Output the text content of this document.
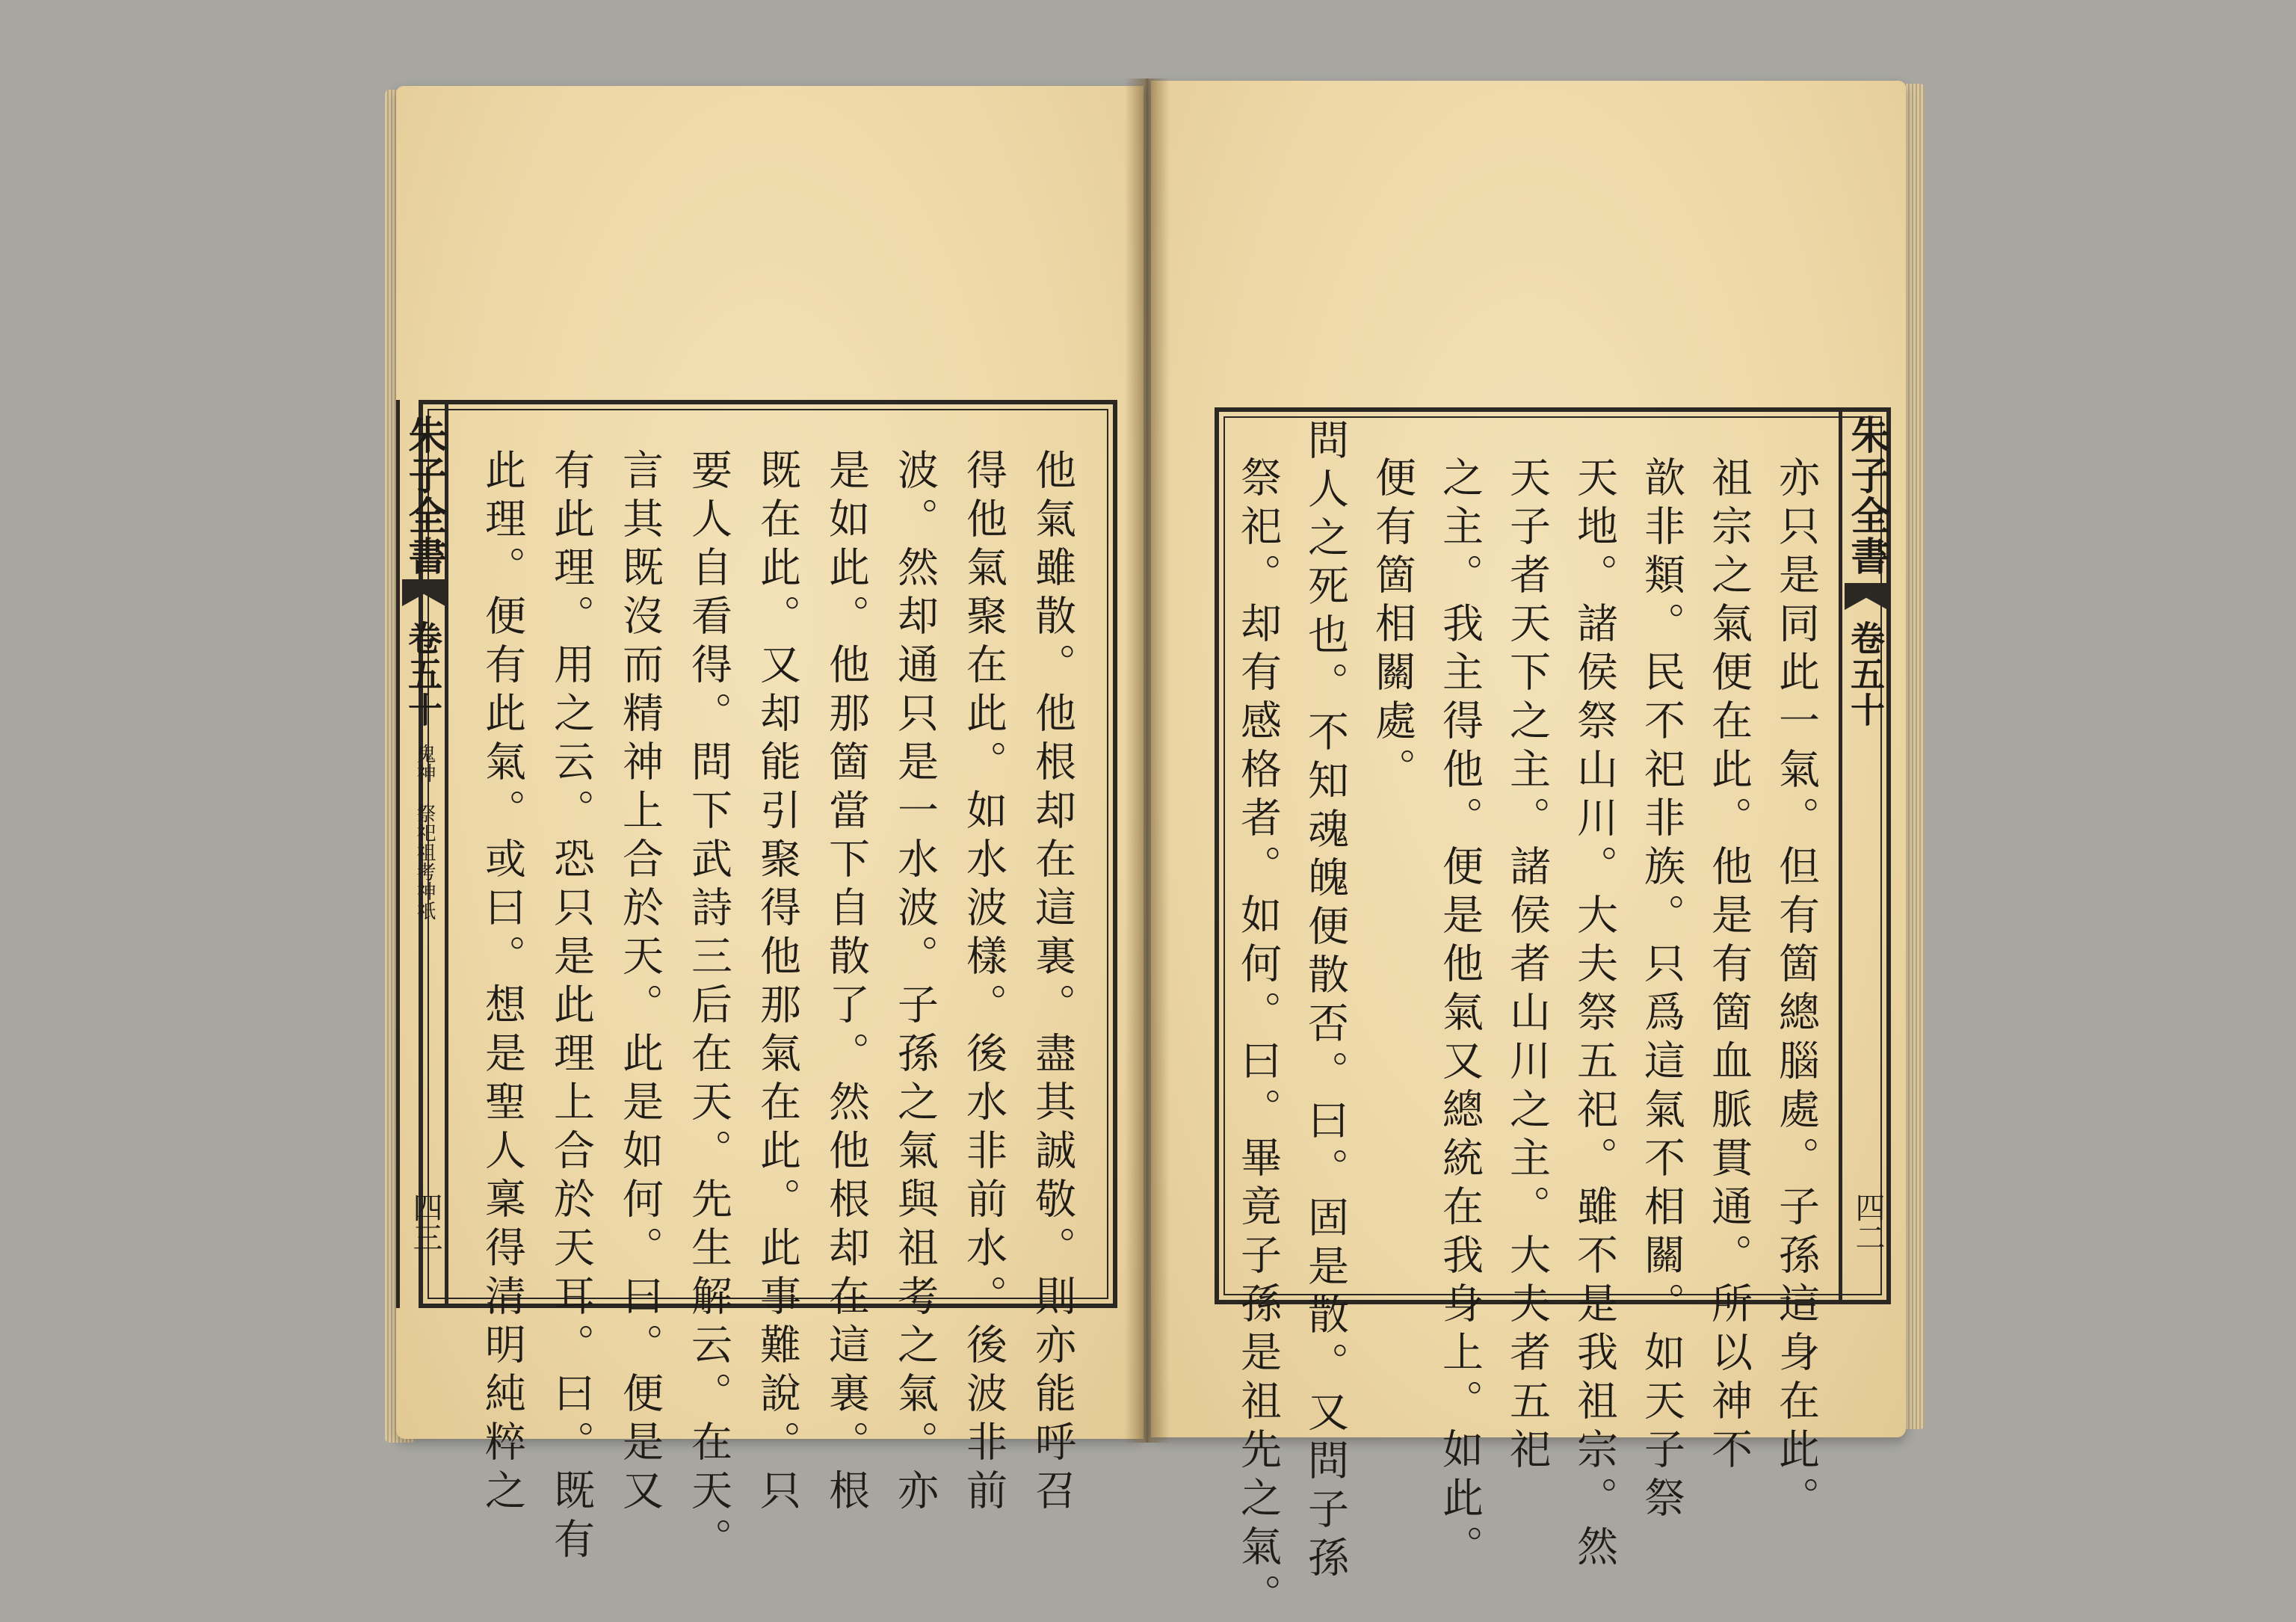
朱子全書
卷五十
鬼神
祭祀祖考神祇
四三	他氣雖散。他根却在這裏。盡其誠敬。則亦能呼召
得他氣聚在此。如水波樣。後水非前水。後波非前
波。然却通只是一水波。子孫之氣與祖考之氣。亦
是如此。他那箇當下自散了。然他根却在這裏。根
既在此。又却能引聚得他那氣在此。此事難說。只
要人自看得。問下武詩三后在天。先生解云。在天。
言其既沒而精神上合於天。此是如何。曰。便是又
有此理。用之云。恐只是此理上合於天耳。曰。既有
此理。便有此氣。或曰。想是聖人稟得清明純粹之	朱子全書
卷五十
四二
亦只是同此一氣。但有箇總腦處。子孫這身在此。
祖宗之氣便在此。他是有箇血脈貫通。所以神不
歆非類。民不祀非族。只爲這氣不相關。如天子祭
天地。諸侯祭山川。大夫祭五祀。雖不是我祖宗。然
天子者天下之主。諸侯者山川之主。大夫者五祀
之主。我主得他。便是他氣又總統在我身上。如此。
便有箇相關處。
問人之死也。不知魂魄便散否。曰。固是散。又問子孫
祭祀。却有感格者。如何。曰。畢竟子孫是祖先之氣。
